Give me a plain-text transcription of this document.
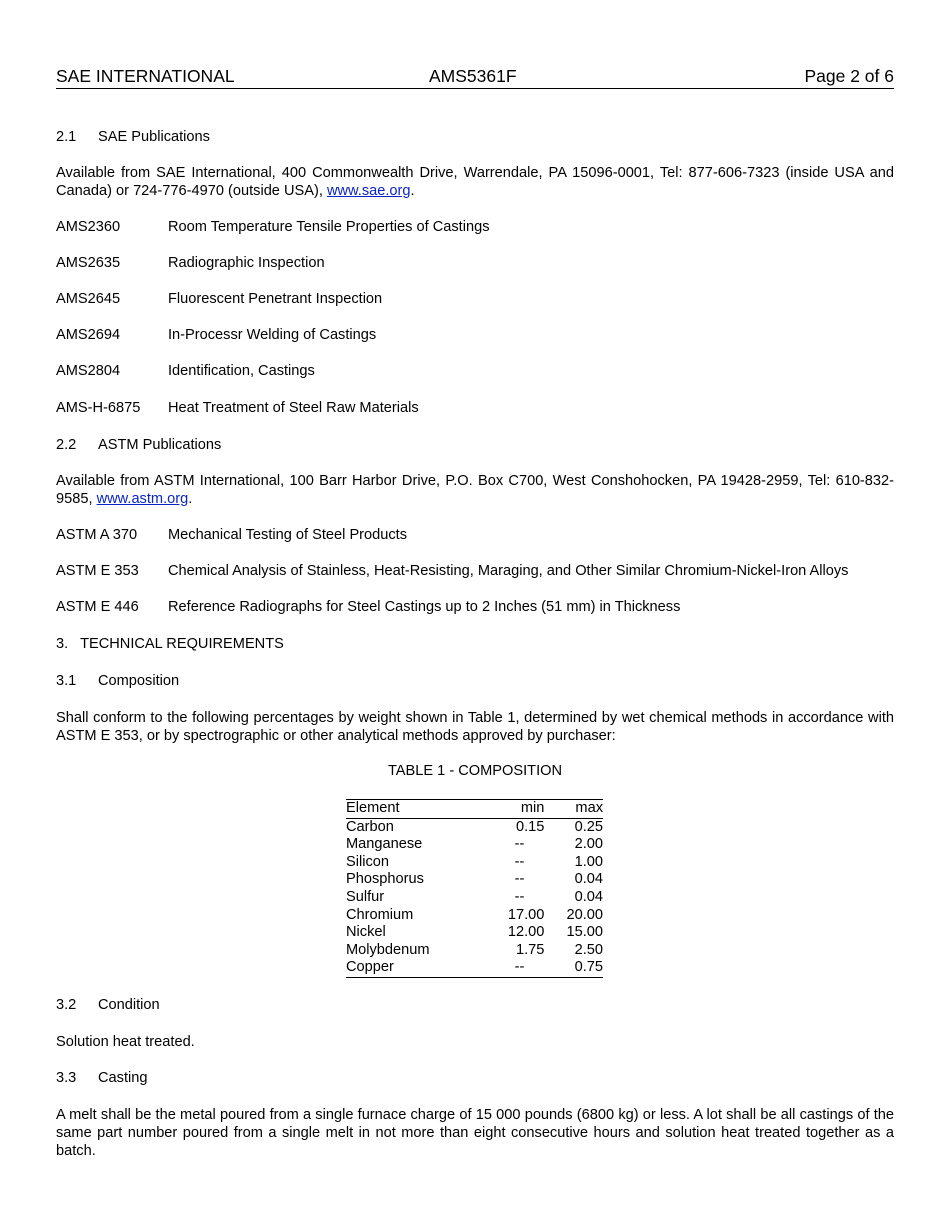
SAE INTERNATIONAL	AMS5361F	Page 2 of 6
2.1 SAE Publications
Available from SAE International, 400 Commonwealth Drive, Warrendale, PA 15096-0001, Tel: 877-606-7323 (inside USA and Canada) or 724-776-4970 (outside USA), www.sae.org.
AMS2360	Room Temperature Tensile Properties of Castings
AMS2635	Radiographic Inspection
AMS2645	Fluorescent Penetrant Inspection
AMS2694	In-Processr Welding of Castings
AMS2804	Identification, Castings
AMS-H-6875 Heat Treatment of Steel Raw Materials
2.2 ASTM Publications
Available from ASTM International, 100 Barr Harbor Drive, P.O. Box C700, West Conshohocken, PA 19428-2959, Tel: 610-832-9585, www.astm.org.
ASTM A 370 Mechanical Testing of Steel Products
ASTM E 353 Chemical Analysis of Stainless, Heat-Resisting, Maraging, and Other Similar Chromium-Nickel-Iron Alloys
ASTM E 446 Reference Radiographs for Steel Castings up to 2 Inches (51 mm) in Thickness
3.   TECHNICAL REQUIREMENTS
3.1 Composition
Shall conform to the following percentages by weight shown in Table 1, determined by wet chemical methods in accordance with ASTM E 353, or by spectrographic or other analytical methods approved by purchaser:
TABLE 1 - COMPOSITION
Element	min	max
Carbon	0.15	0.25
Manganese	--	2.00
Silicon	--	1.00
Phosphorus	--	0.04
Sulfur	--	0.04
Chromium	17.00	20.00
Nickel	12.00	15.00
Molybdenum	1.75	2.50
Copper	--	0.75
3.2 Condition
Solution heat treated.
3.3 Casting
A melt shall be the metal poured from a single furnace charge of 15 000 pounds (6800 kg) or less. A lot shall be all castings of the same part number poured from a single melt in not more than eight consecutive hours and solution heat treated together as a batch.
